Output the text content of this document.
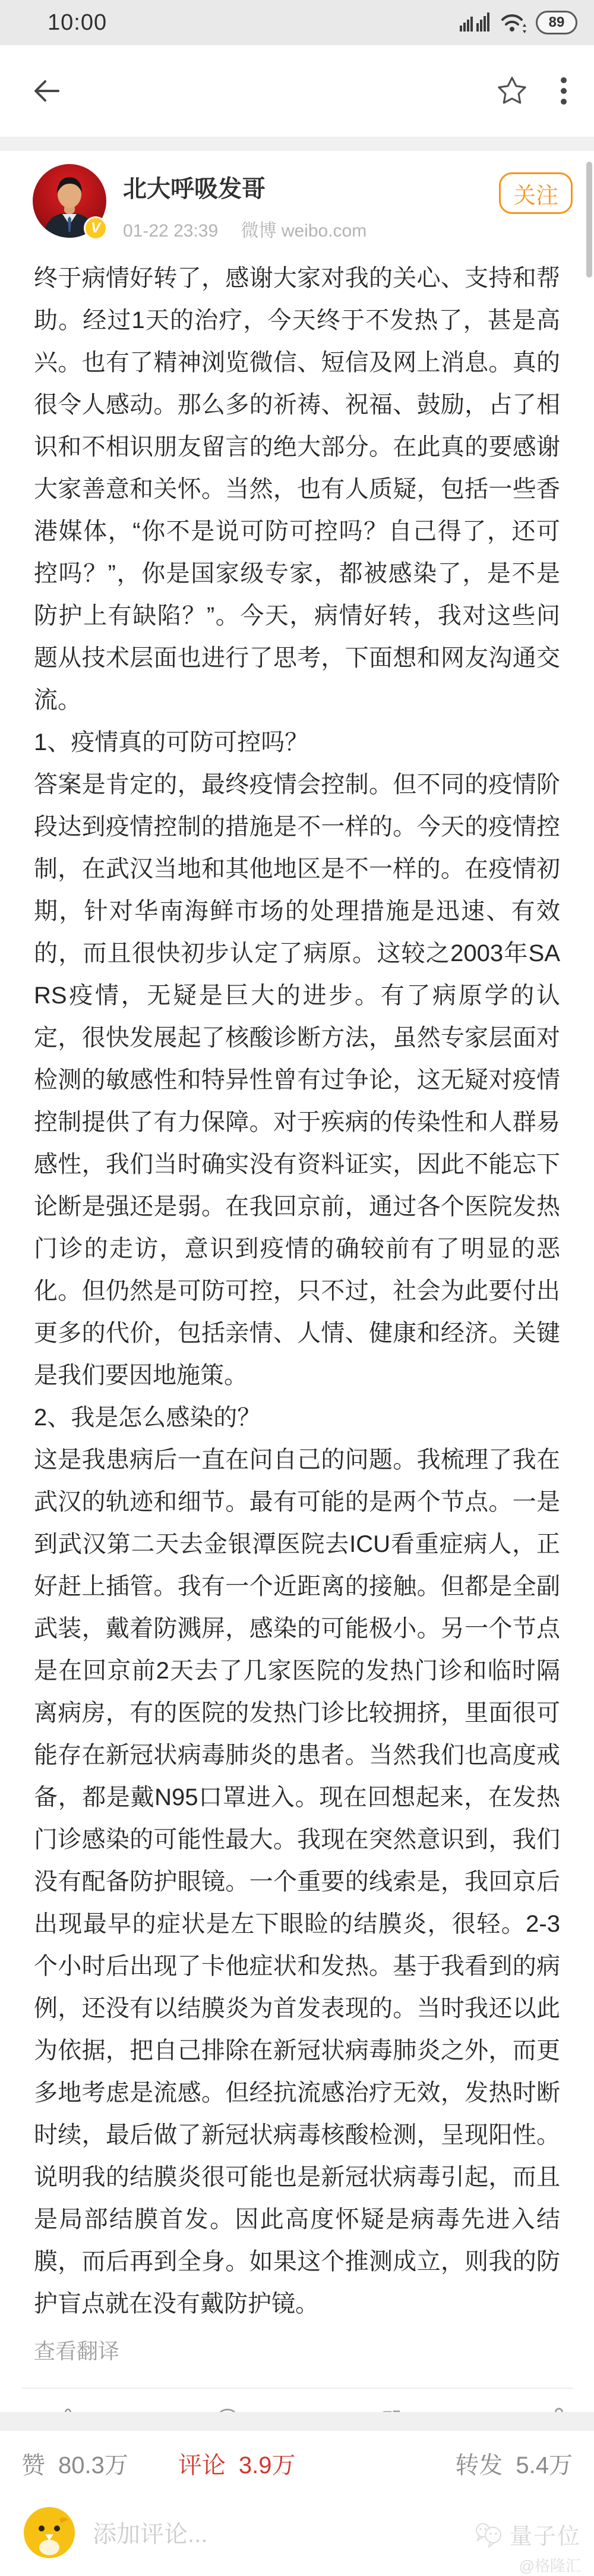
10:00	89
V
北大呼吸发哥
01-22 23:39 微博 weibo.com
关注

终于病情好转了，感谢大家对我的关心、支持和帮助。经过1天的治疗，今天终于不发热了，甚是高兴。也有了精神浏览微信、短信及网上消息。真的很令人感动。那么多的祈祷、祝福、鼓励，占了相识和不相识朋友留言的绝大部分。在此真的要感谢大家善意和关怀。当然，也有人质疑，包括一些香港媒体，“你不是说可防可控吗？自己得了，还可控吗？”，你是国家级专家，都被感染了，是不是防护上有缺陷？”。今天，病情好转，我对这些问题从技术层面也进行了思考，下面想和网友沟通交流。

1、疫情真的可防可控吗？

答案是肯定的，最终疫情会控制。但不同的疫情阶段达到疫情控制的措施是不一样的。今天的疫情控制，在武汉当地和其他地区是不一样的。在疫情初期，针对华南海鲜市场的处理措施是迅速、有效的，而且很快初步认定了病原。这较之2003年SARS疫情，无疑是巨大的进步。有了病原学的认定，很快发展起了核酸诊断方法，虽然专家层面对检测的敏感性和特异性曾有过争论，这无疑对疫情控制提供了有力保障。对于疾病的传染性和人群易感性，我们当时确实没有资料证实，因此不能忘下论断是强还是弱。在我回京前，通过各个医院发热门诊的走访，意识到疫情的确较前有了明显的恶化。但仍然是可防可控，只不过，社会为此要付出更多的代价，包括亲情、人情、健康和经济。关键是我们要因地施策。

2、我是怎么感染的？

这是我患病后一直在问自己的问题。我梳理了我在武汉的轨迹和细节。最有可能的是两个节点。一是到武汉第二天去金银潭医院去ICU看重症病人，正好赶上插管。我有一个近距离的接触。但都是全副武装，戴着防溅屏，感染的可能极小。另一个节点是在回京前2天去了几家医院的发热门诊和临时隔离病房，有的医院的发热门诊比较拥挤，里面很可能存在新冠状病毒肺炎的患者。当然我们也高度戒备，都是戴N95口罩进入。现在回想起来，在发热门诊感染的可能性最大。我现在突然意识到，我们没有配备防护眼镜。一个重要的线索是，我回京后出现最早的症状是左下眼睑的结膜炎，很轻。2-3个小时后出现了卡他症状和发热。基于我看到的病例，还没有以结膜炎为首发表现的。当时我还以此为依据，把自己排除在新冠状病毒肺炎之外，而更多地考虑是流感。但经抗流感治疗无效，发热时断时续，最后做了新冠状病毒核酸检测，呈现阳性。说明我的结膜炎很可能也是新冠状病毒引起，而且是局部结膜首发。因此高度怀疑是病毒先进入结膜，而后再到全身。如果这个推测成立，则我的防护盲点就在没有戴防护镜。

查看翻译
赞 80.3万 评论 3.9万	转发 5.4万
添加评论...	量子位
@格隆汇
